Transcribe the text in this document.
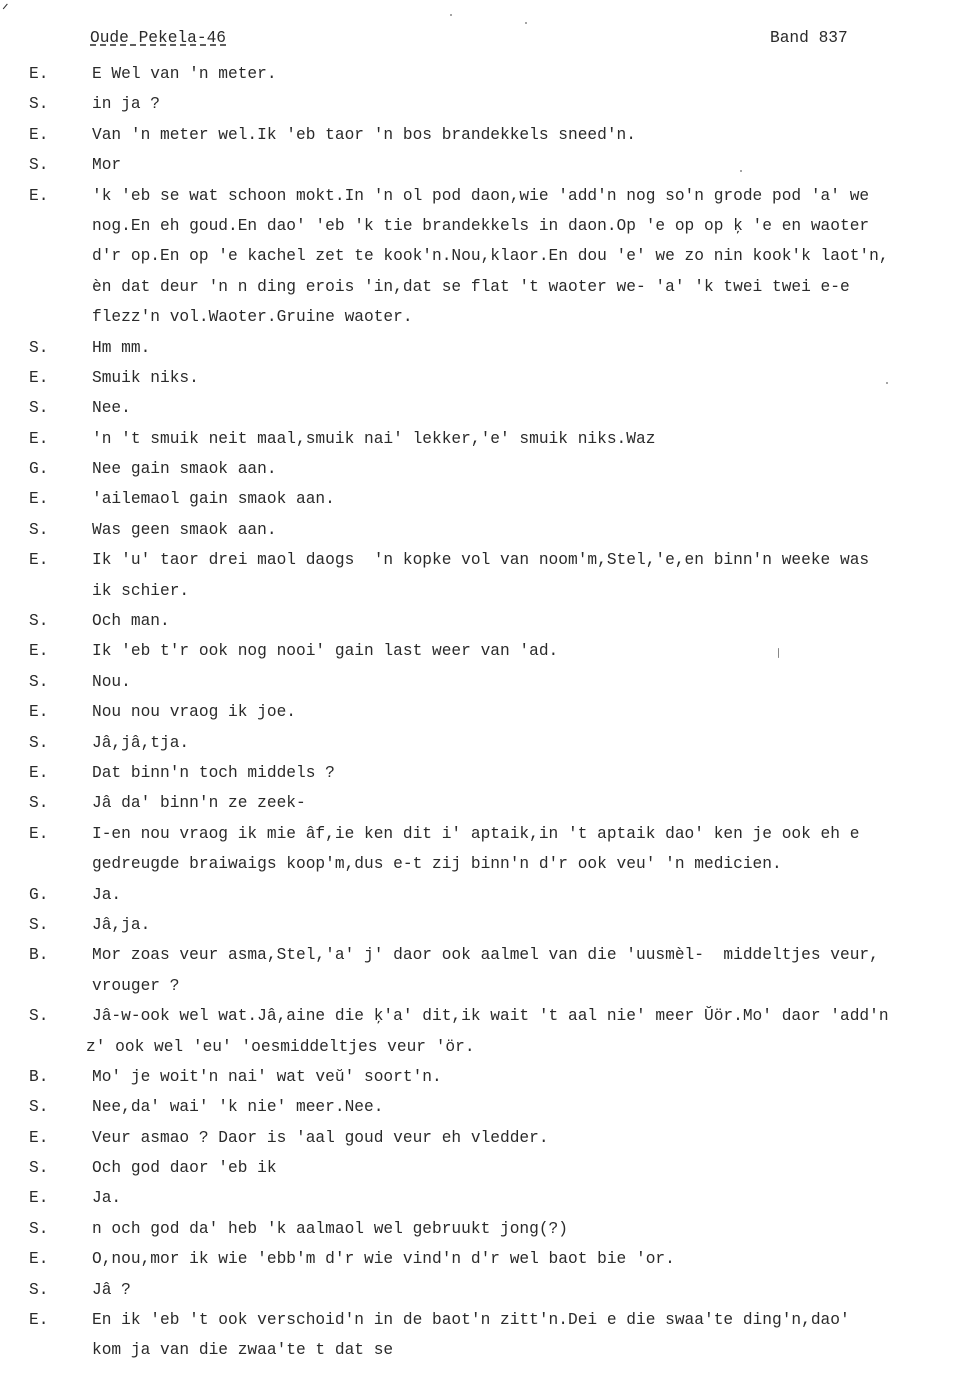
ᐟ
Oude Pekela-46	Band 837
E.	E Wel van 'n meter.
S.	in ja ?
E.	Van 'n meter wel.Ik 'eb taor 'n bos brandekkels sneed'n.
S.	Mor
E.	'k 'eb se wat schoon mokt.In 'n ol pod daon,wie 'add'n nog so'n grode pod 'a' we
nog.En eh goud.En dao' 'eb 'k tie brandekkels in daon.Op 'e op op ķ 'e en waoter
d'r op.En op 'e kachel zet te kook'n.Nou,klaor.En dou 'e' we zo nin kook'k laot'n,
èn dat deur 'n n ding erois 'in,dat se flat 't waoter we- 'a' 'k twei twei e-e
flezz'n vol.Waoter.Gruine waoter.
S.	Hm mm.
E.	Smuik niks.
S.	Nee.
E.	'n 't smuik neit maal,smuik nai' lekker,'e' smuik niks.Waz
G.	Nee gain smaok aan.
E.	'ailemaol gain smaok aan.
S.	Was geen smaok aan.
E.	Ik 'u' taor drei maol daogs  'n kopke vol van noom'm,Stel,'e,en binn'n weeke was
ik schier.
S.	Och man.
E.	Ik 'eb t'r ook nog nooi' gain last weer van 'ad.
S.	Nou.
E.	Nou nou vraog ik joe.
S.	Jâ,jâ,tja.
E.	Dat binn'n toch middels ?
S.	Jâ da' binn'n ze zeek-
E.	I-en nou vraog ik mie âf,ie ken dit i' aptaik,in 't aptaik dao' ken je ook eh e
gedreugde braiwaigs koop'm,dus e-t zij binn'n d'r ook veu' 'n medicien.
G.	Ja.
S.	Jâ,ja.
B.	Mor zoas veur asma,Stel,'a' j' daor ook aalmel van die 'uusmèl-  middeltjes veur,
vrouger ?
S.	Jâ-w-ook wel wat.Jâ,aine die ķ'a' dit,ik wait 't aal nie' meer Ŭör.Mo' daor 'add'n
z' ook wel 'eu' 'oesmiddeltjes veur 'ör.
B.	Mo' je woit'n nai' wat veŭ' soort'n.
S.	Nee,da' wai' 'k nie' meer.Nee.
E.	Veur asmao ? Daor is 'aal goud veur eh vledder.
S.	Och god daor 'eb ik
E.	Ja.
S.	n och god da' heb 'k aalmaol wel gebruukt jong(?)
E.	O,nou,mor ik wie 'ebb'm d'r wie vind'n d'r wel baot bie 'or.
S.	Jâ ?
E.	En ik 'eb 't ook verschoid'n in de baot'n zitt'n.Dei e die swaa'te ding'n,dao'
kom ja van die zwaa'te t dat se
